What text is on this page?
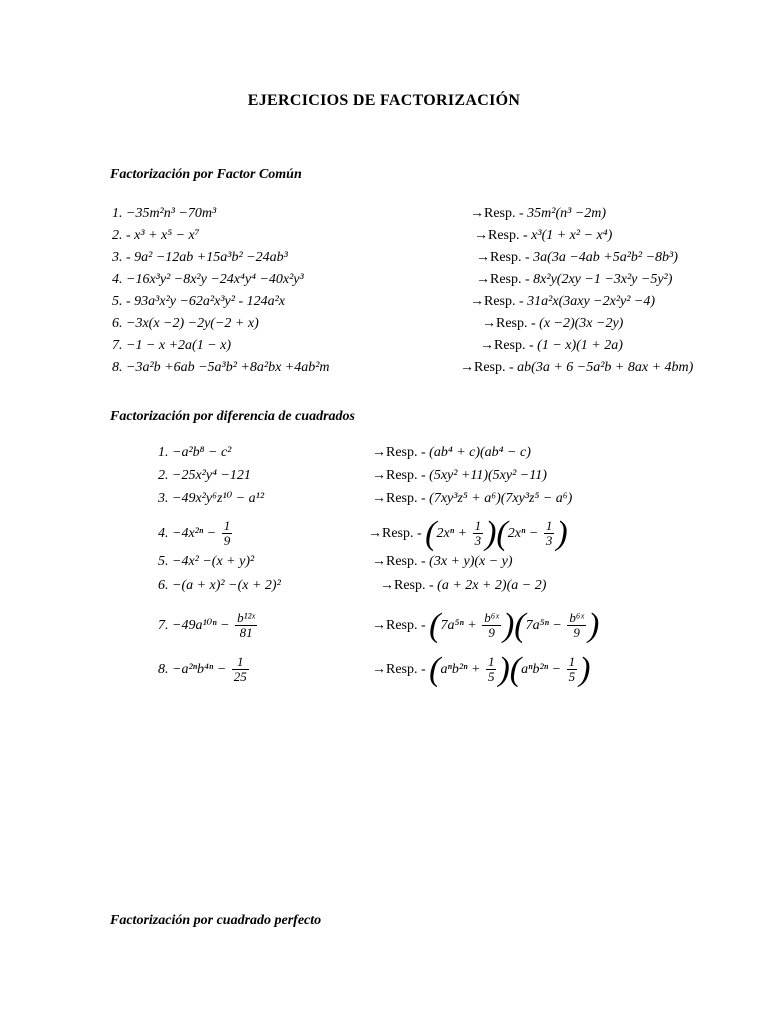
EJERCICIOS DE FACTORIZACIÓN
Factorización por Factor Común
1. −35m²n³ −70m³	→Resp. - 35m²(n³ −2m)
2. - x³ + x⁵ − x⁷	→Resp. - x³(1 + x² − x⁴)
3. - 9a² −12ab +15a³b² −24ab³	→Resp. - 3a(3a −4ab +5a²b² −8b³)
4. −16x³y² −8x²y −24x⁴y⁴ −40x²y³	→Resp. - 8x²y(2xy −1 −3x²y −5y²)
5. - 93a³x²y −62a²x³y² - 124a²x	→Resp. - 31a²x(3axy −2x²y² −4)
6. −3x(x −2) −2y(−2 + x)	→Resp. - (x −2)(3x −2y)
7. −1 − x +2a(1 − x)	→Resp. - (1 − x)(1 + 2a)
8. −3a²b +6ab −5a³b² +8a²bx +4ab²m	→Resp. - ab(3a + 6 −5a²b + 8ax + 4bm)
Factorización por diferencia de cuadrados
1. −a²b⁸ − c²	→Resp. - (ab⁴ + c)(ab⁴ − c)
2. −25x²y⁴ −121	→Resp. - (5xy² +11)(5xy² −11)
3. −49x²y⁶z¹⁰ − a¹²	→Resp. - (7xy³z⁵ + a⁶)(7xy³z⁵ − a⁶)
4. $-4x^{2n} - \frac{1}{9}$	→Resp. - $(2x^n + \frac{1}{3} )(2x^n - \frac{1}{3}$ )
5. −4x² −(x + y)²	→Resp. - (3x + y)(x − y)
6. −(a + x)² −(x + 2)²	→Resp. - (a + 2x + 2)(a − 2)
7. $-49a^{10n} - \frac{\text{b¹²ˣ}}{81}$	→Resp. - $(7a^{5n} + \frac{\text{b⁶ˣ}}{9} )(7a^{5n} - \frac{\text{b⁶ˣ}}{9}$ )
8. $-a^{2n}b^{4n} - \frac{1}{25}$	→Resp. - $(a^nb^{2n} + \frac{1}{5} )(a^nb^{2n} - \frac{1}{5}$ )
Factorización por cuadrado perfecto
